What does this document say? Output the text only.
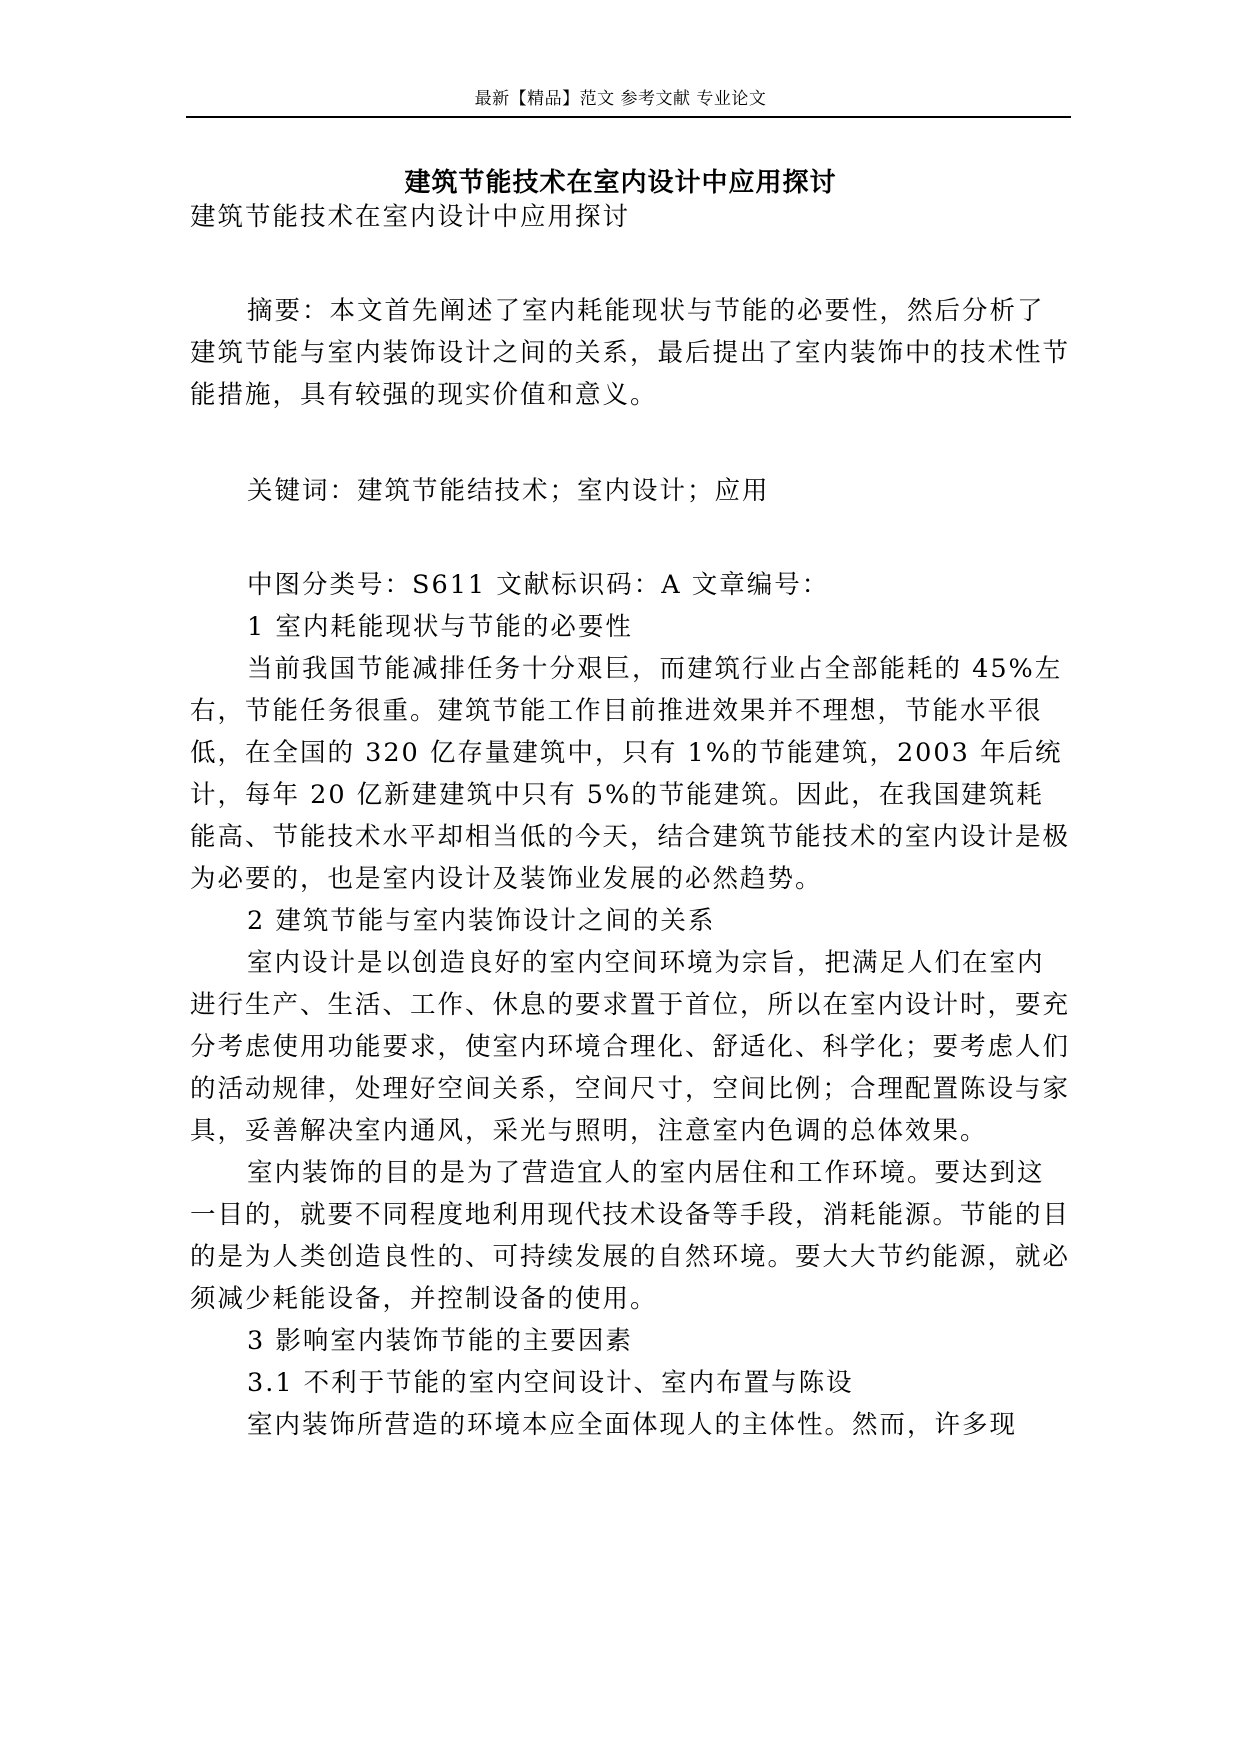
最新【精品】范文 参考文献 专业论文
建筑节能技术在室内设计中应用探讨

建筑节能技术在室内设计中应用探讨

摘要：本文首先阐述了室内耗能现状与节能的必要性，然后分析了建筑节能与室内装饰设计之间的关系，最后提出了室内装饰中的技术性节能措施，具有较强的现实价值和意义。

关键词：建筑节能结技术；室内设计；应用

中图分类号：S611 文献标识码：A 文章编号：

1 室内耗能现状与节能的必要性

当前我国节能减排任务十分艰巨，而建筑行业占全部能耗的 45%左右，节能任务很重。建筑节能工作目前推进效果并不理想，节能水平很低，在全国的 320 亿存量建筑中，只有 1%的节能建筑，2003 年后统计，每年 20 亿新建建筑中只有 5%的节能建筑。因此，在我国建筑耗能高、节能技术水平却相当低的今天，结合建筑节能技术的室内设计是极为必要的，也是室内设计及装饰业发展的必然趋势。

2 建筑节能与室内装饰设计之间的关系

室内设计是以创造良好的室内空间环境为宗旨，把满足人们在室内进行生产、生活、工作、休息的要求置于首位，所以在室内设计时，要充分考虑使用功能要求，使室内环境合理化、舒适化、科学化；要考虑人们的活动规律，处理好空间关系，空间尺寸，空间比例；合理配置陈设与家具，妥善解决室内通风，采光与照明，注意室内色调的总体效果。

室内装饰的目的是为了营造宜人的室内居住和工作环境。要达到这一目的，就要不同程度地利用现代技术设备等手段，消耗能源。节能的目的是为人类创造良性的、可持续发展的自然环境。要大大节约能源，就必须减少耗能设备，并控制设备的使用。

3 影响室内装饰节能的主要因素

3.1 不利于节能的室内空间设计、室内布置与陈设

室内装饰所营造的环境本应全面体现人的主体性。然而，许多现
